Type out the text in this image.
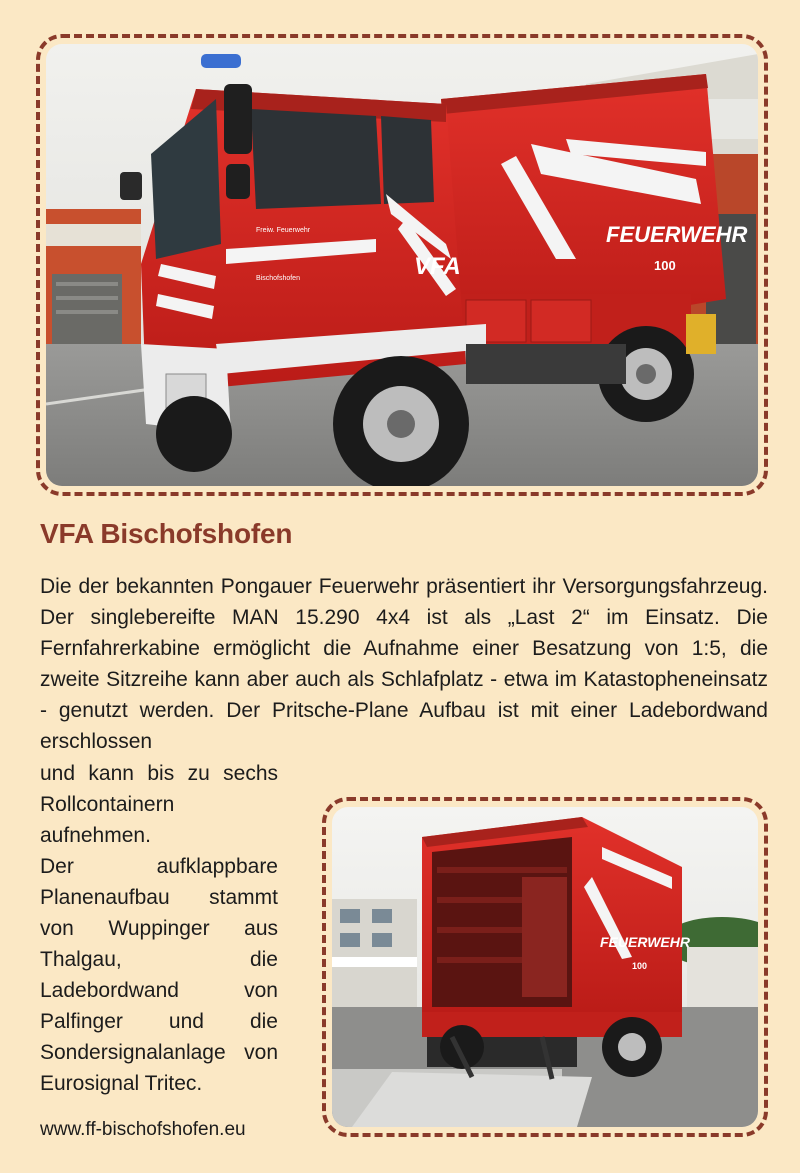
FEUERWEHR
100
VFA
Freiw. Feuerwehr
Bischofshofen
VFA Bischofshofen

Die der bekannten Pongauer Feuerwehr präsentiert ihr Versorgungsfahrzeug. Der singlebereifte MAN 15.290 4x4 ist als „Last 2“ im Einsatz. Die Fernfahrerkabine ermöglicht die Aufnahme einer Besatzung von 1:5, die zweite Sitzreihe kann aber auch als Schlafplatz - etwa im Katastopheneinsatz - genutzt werden. Der Pritsche-Plane Aufbau ist mit einer Ladebordwand erschlossen

und kann bis zu sechs Rollcontainern aufnehmen.

Der aufklappbare Planenaufbau stammt von Wuppinger aus Thalgau, die Ladebordwand von Palfinger und die Sondersignalanlage von Eurosignal Tritec.

FEUERWEHR
100
www.ff-bischofshofen.eu
